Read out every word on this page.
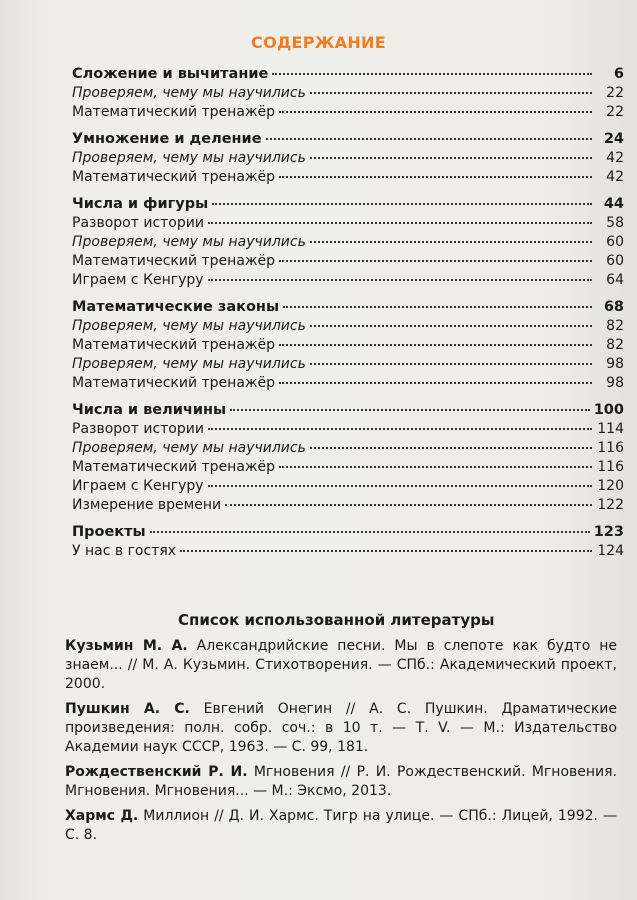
СОДЕРЖАНИЕ
Сложение и вычитание	6
Проверяем, чему мы научились	22
Математический тренажёр	22
Умножение и деление	24
Проверяем, чему мы научились	42
Математический тренажёр	42
Числа и фигуры	44
Разворот истории	58
Проверяем, чему мы научились	60
Математический тренажёр	60
Играем с Кенгуру	64
Математические законы	68
Проверяем, чему мы научились	82
Математический тренажёр	82
Проверяем, чему мы научились	98
Математический тренажёр	98
Числа и величины	100
Разворот истории	114
Проверяем, чему мы научились	116
Математический тренажёр	116
Играем с Кенгуру	120
Измерение времени	122
Проекты	123
У нас в гостях	124
Список использованной литературы
Кузьмин М. А. Александрийские песни. Мы в слепоте как будто не знаем... // М. А. Кузьмин. Стихотворения. — СПб.: Академический проект, 2000.
Пушкин А. С. Евгений Онегин // А. С. Пушкин. Драматические произведения: полн. собр. соч.: в 10 т. — Т. V. — М.: Издательство Академии наук СССР, 1963. — С. 99, 181.
Рождественский Р. И. Мгновения // Р. И. Рождественский. Мгновения. Мгновения. Мгновения... — М.: Эксмо, 2013.
Хармс Д. Миллион // Д. И. Хармс. Тигр на улице. — СПб.: Лицей, 1992. — С. 8.
